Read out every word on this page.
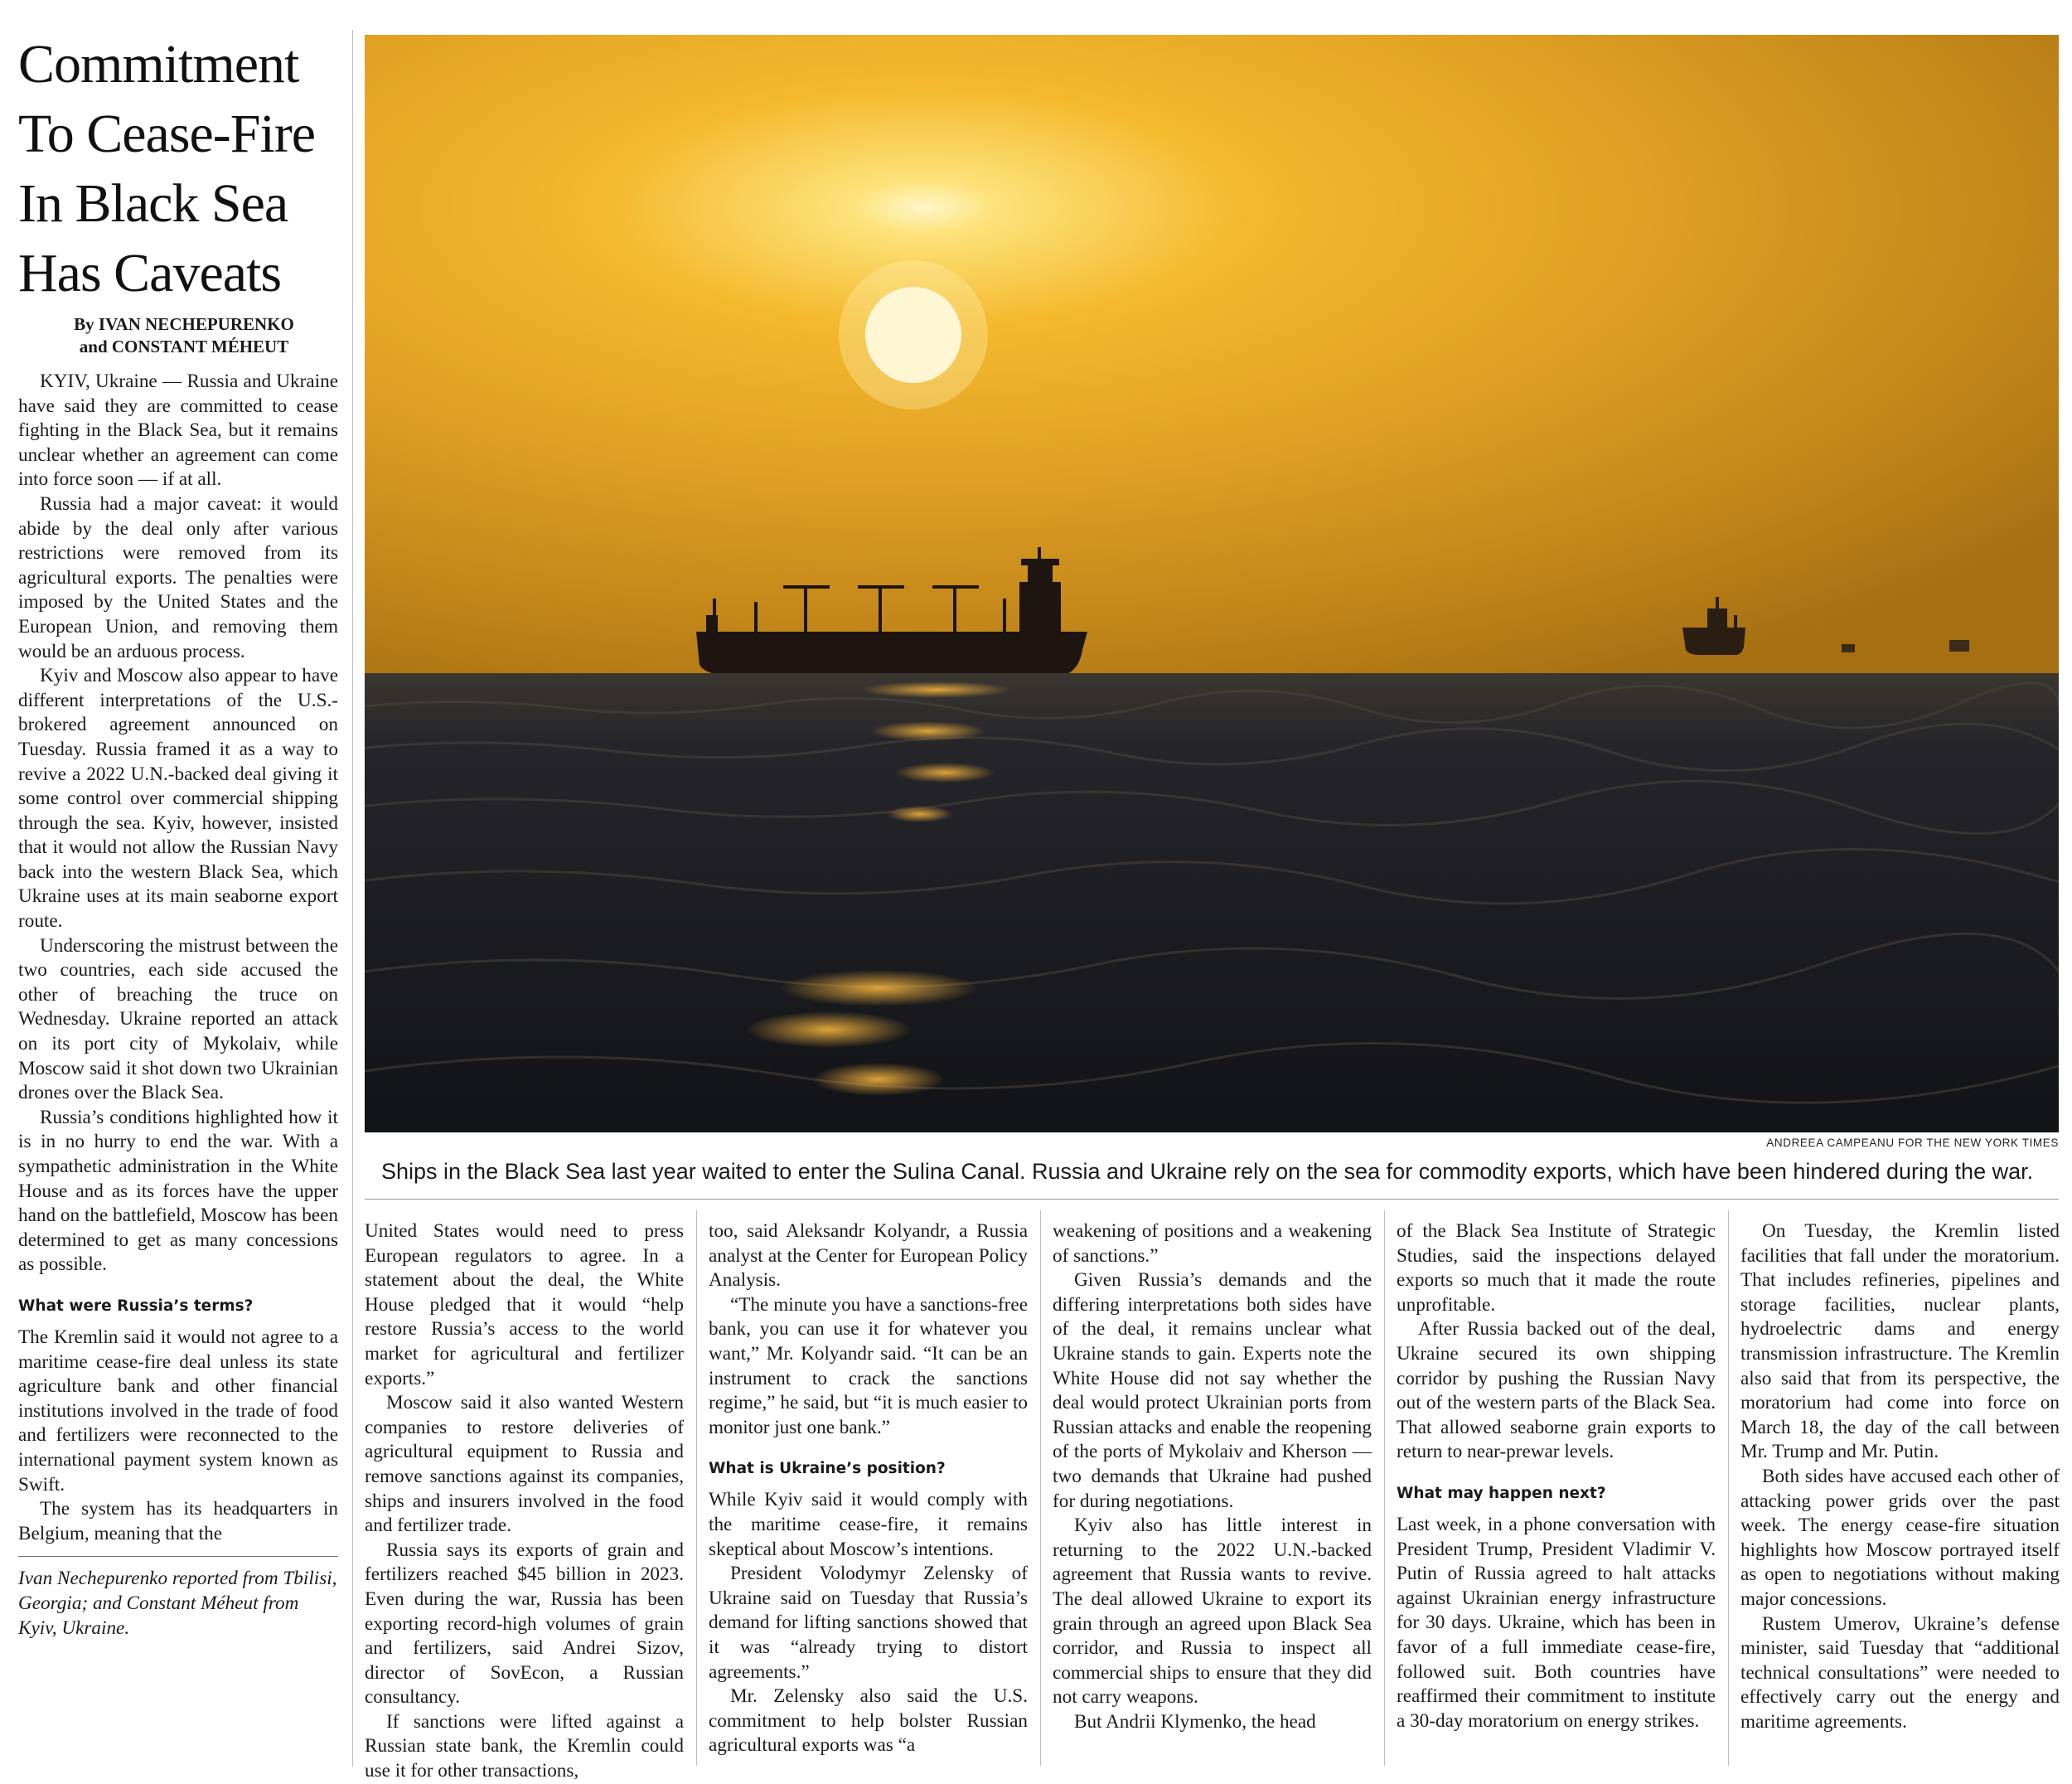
Commitment To Cease-Fire In Black Sea Has Caveats
By IVAN NECHEPURENKO
and CONSTANT MÉHEUT

KYIV, Ukraine — Russia and Ukraine have said they are committed to cease fighting in the Black Sea, but it remains unclear whether an agreement can come into force soon — if at all.

Russia had a major caveat: it would abide by the deal only after various restrictions were removed from its agricultural exports. The penalties were imposed by the United States and the European Union, and removing them would be an arduous process.

Kyiv and Moscow also appear to have different interpretations of the U.S.-brokered agreement announced on Tuesday. Russia framed it as a way to revive a 2022 U.N.-backed deal giving it some control over commercial shipping through the sea. Kyiv, however, insisted that it would not allow the Russian Navy back into the western Black Sea, which Ukraine uses at its main seaborne export route.

Underscoring the mistrust between the two countries, each side accused the other of breaching the truce on Wednesday. Ukraine reported an attack on its port city of Mykolaiv, while Moscow said it shot down two Ukrainian drones over the Black Sea.

Russia’s conditions highlighted how it is in no hurry to end the war. With a sympathetic administration in the White House and as its forces have the upper hand on the battlefield, Moscow has been determined to get as many concessions as possible.

What were Russia’s terms?

The Kremlin said it would not agree to a maritime cease-fire deal unless its state agriculture bank and other financial institutions involved in the trade of food and fertilizers were reconnected to the international payment system known as Swift.

The system has its headquarters in Belgium, meaning that the

Ivan Nechepurenko reported from Tbilisi, Georgia; and Constant Méheut from Kyiv, Ukraine.

ANDREEA CAMPEANU FOR THE NEW YORK TIMES
Ships in the Black Sea last year waited to enter the Sulina Canal. Russia and Ukraine rely on the sea for commodity exports, which have been hindered during the war.

United States would need to press European regulators to agree. In a statement about the deal, the White House pledged that it would “help restore Russia’s access to the world market for agricultural and fertilizer exports.”

Moscow said it also wanted Western companies to restore deliveries of agricultural equipment to Russia and remove sanctions against its companies, ships and insurers involved in the food and fertilizer trade.

Russia says its exports of grain and fertilizers reached $45 billion in 2023. Even during the war, Russia has been exporting record-high volumes of grain and fertilizers, said Andrei Sizov, director of SovEcon, a Russian consultancy.

If sanctions were lifted against a Russian state bank, the Kremlin could use it for other transactions,

too, said Aleksandr Kolyandr, a Russia analyst at the Center for European Policy Analysis.

“The minute you have a sanctions-free bank, you can use it for whatever you want,” Mr. Kolyandr said. “It can be an instrument to crack the sanctions regime,” he said, but “it is much easier to monitor just one bank.”

What is Ukraine’s position?

While Kyiv said it would comply with the maritime cease-fire, it remains skeptical about Moscow’s intentions.

President Volodymyr Zelensky of Ukraine said on Tuesday that Russia’s demand for lifting sanctions showed that it was “already trying to distort agreements.”

Mr. Zelensky also said the U.S. commitment to help bolster Russian agricultural exports was “a

weakening of positions and a weakening of sanctions.”

Given Russia’s demands and the differing interpretations both sides have of the deal, it remains unclear what Ukraine stands to gain. Experts note the White House did not say whether the deal would protect Ukrainian ports from Russian attacks and enable the reopening of the ports of Mykolaiv and Kherson — two demands that Ukraine had pushed for during negotiations.

Kyiv also has little interest in returning to the 2022 U.N.-backed agreement that Russia wants to revive. The deal allowed Ukraine to export its grain through an agreed upon Black Sea corridor, and Russia to inspect all commercial ships to ensure that they did not carry weapons.

But Andrii Klymenko, the head

of the Black Sea Institute of Strategic Studies, said the inspections delayed exports so much that it made the route unprofitable.

After Russia backed out of the deal, Ukraine secured its own shipping corridor by pushing the Russian Navy out of the western parts of the Black Sea. That allowed seaborne grain exports to return to near-prewar levels.

What may happen next?

Last week, in a phone conversation with President Trump, President Vladimir V. Putin of Russia agreed to halt attacks against Ukrainian energy infrastructure for 30 days. Ukraine, which has been in favor of a full immediate cease-fire, followed suit. Both countries have reaffirmed their commitment to institute a 30-day moratorium on energy strikes.

On Tuesday, the Kremlin listed facilities that fall under the moratorium. That includes refineries, pipelines and storage facilities, nuclear plants, hydroelectric dams and energy transmission infrastructure. The Kremlin also said that from its perspective, the moratorium had come into force on March 18, the day of the call between Mr. Trump and Mr. Putin.

Both sides have accused each other of attacking power grids over the past week. The energy cease-fire situation highlights how Moscow portrayed itself as open to negotiations without making major concessions.

Rustem Umerov, Ukraine’s defense minister, said Tuesday that “additional technical consultations” were needed to effectively carry out the energy and maritime agreements.
